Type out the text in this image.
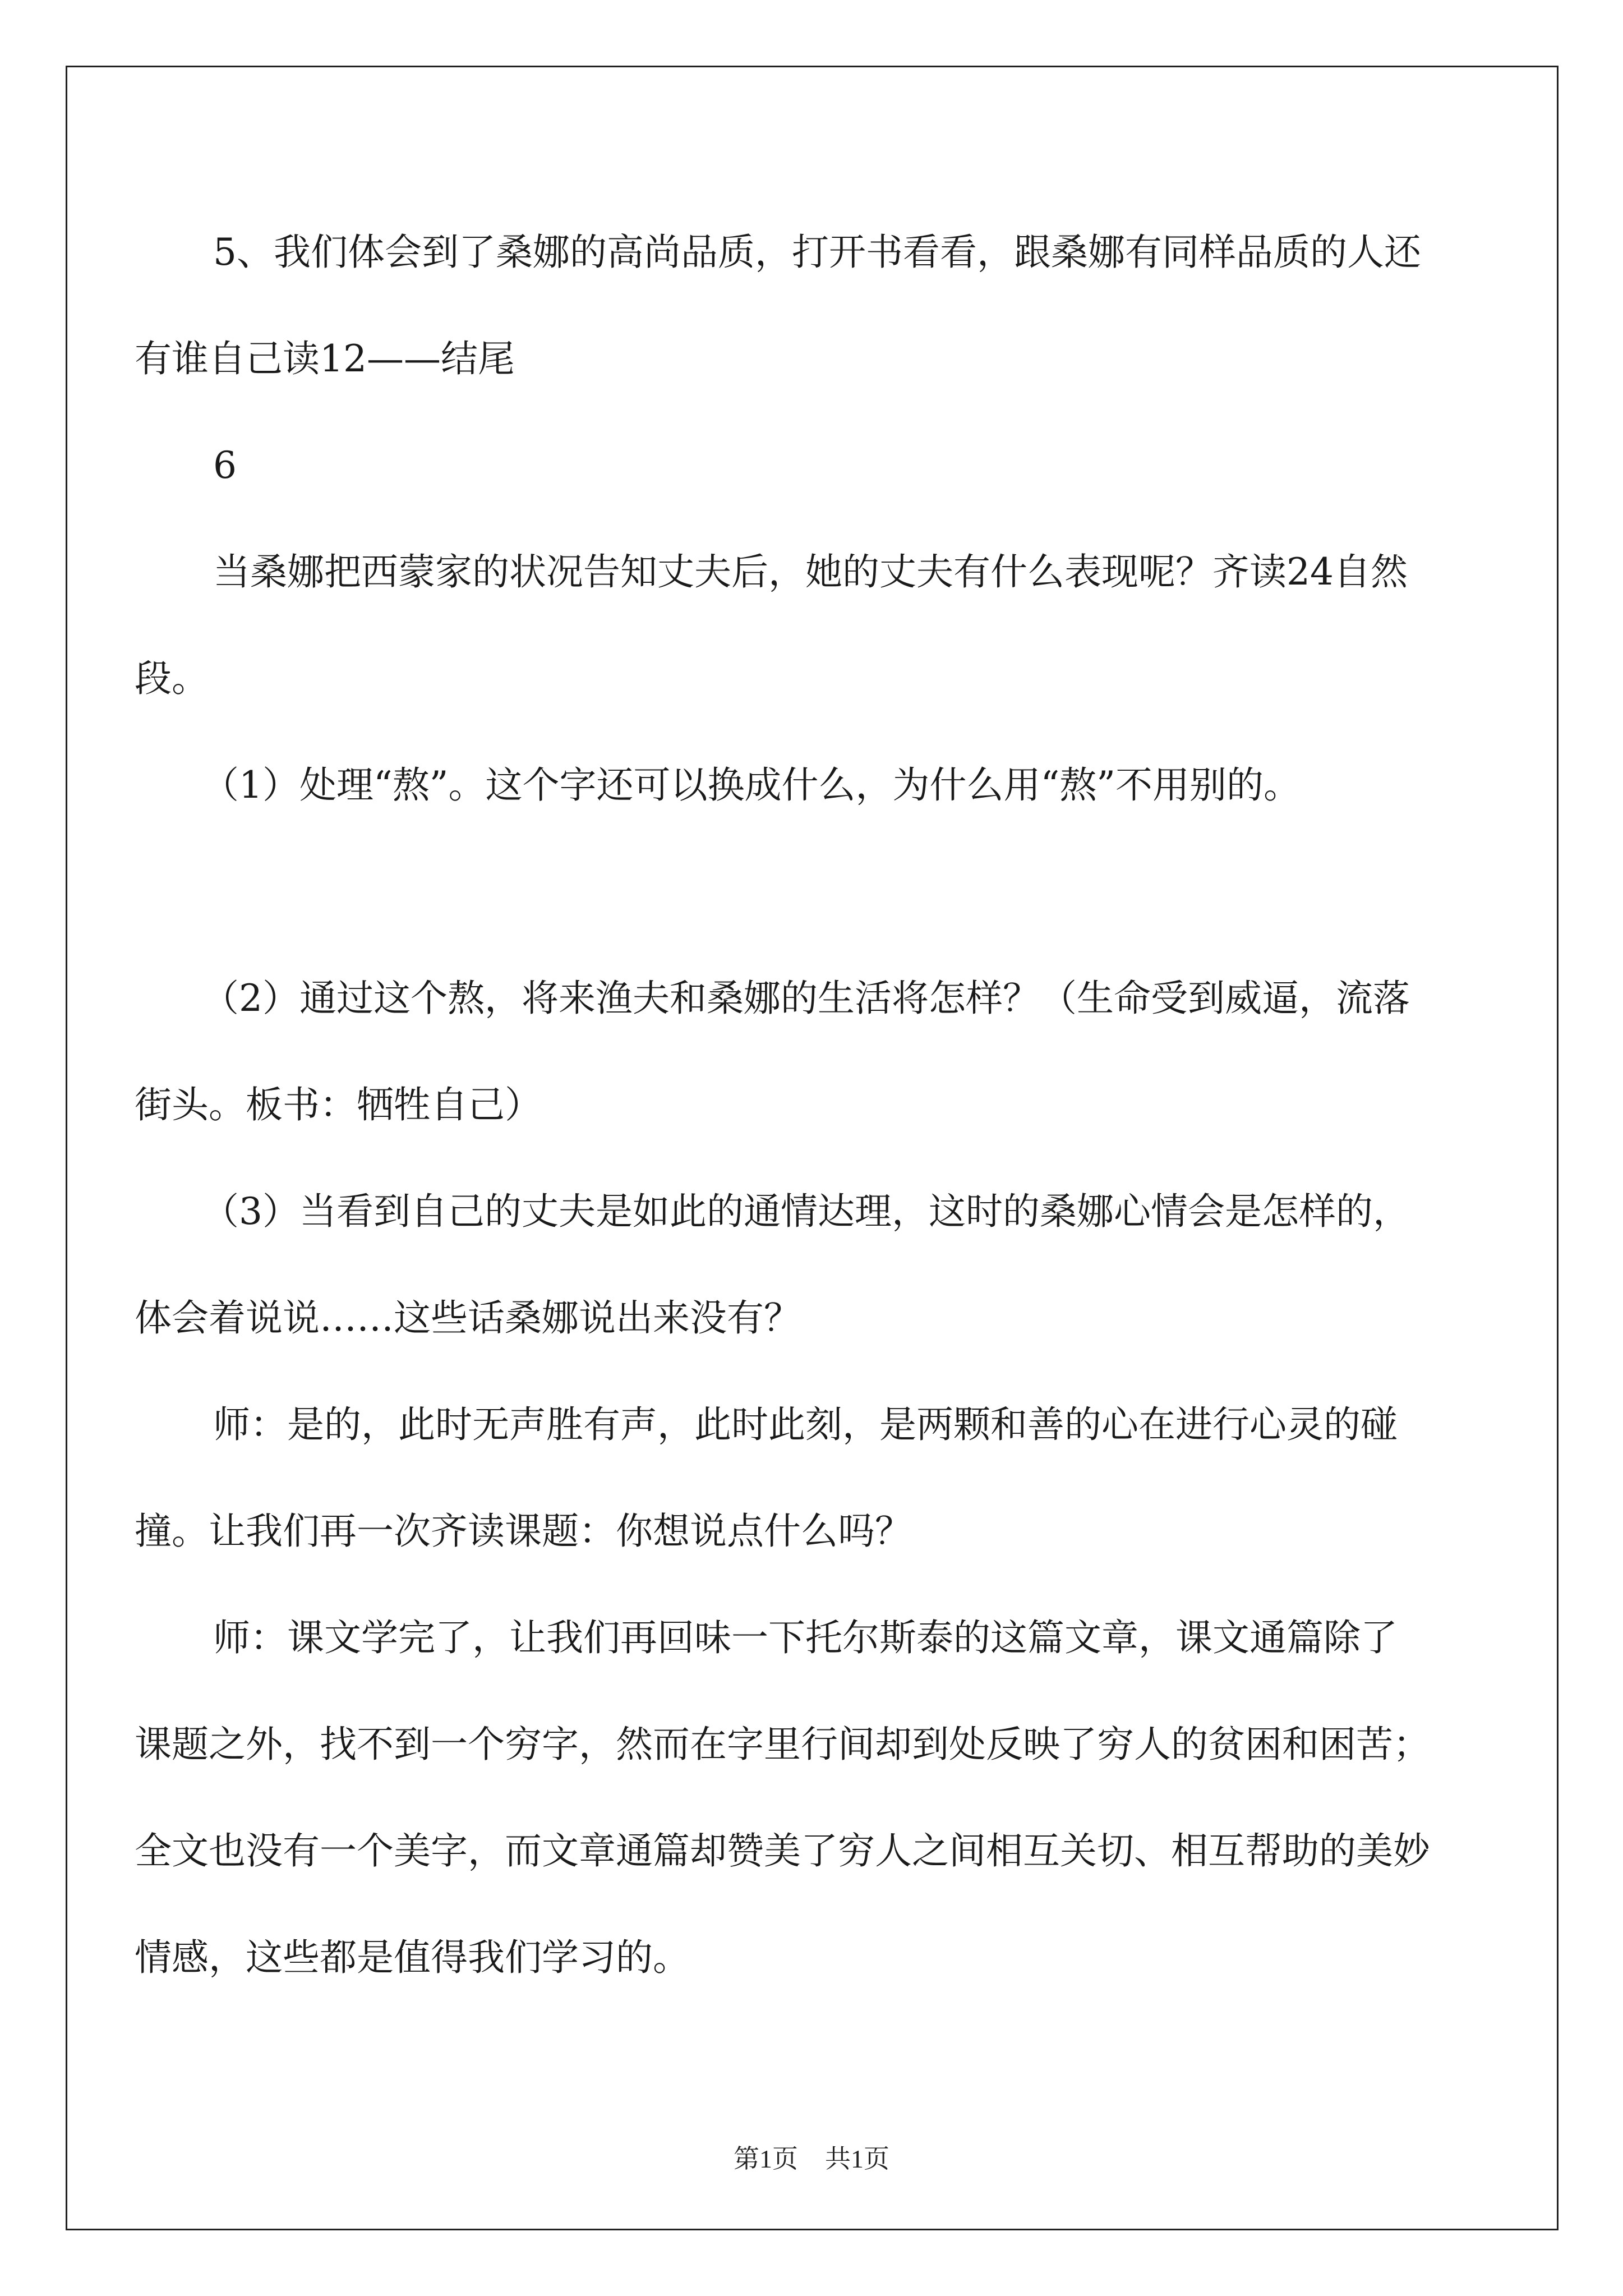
5、我们体会到了桑娜的高尚品质，打开书看看，跟桑娜有同样品质的人还有谁自己读12——结尾

6

当桑娜把西蒙家的状况告知丈夫后，她的丈夫有什么表现呢？齐读24自然段。

（1）处理“熬”。这个字还可以换成什么，为什么用“熬”不用别的。

（2）通过这个熬，将来渔夫和桑娜的生活将怎样？（生命受到威逼，流落街头。板书：牺牲自己）

（3）当看到自己的丈夫是如此的通情达理，这时的桑娜心情会是怎样的，体会着说说……这些话桑娜说出来没有？

师：是的，此时无声胜有声，此时此刻，是两颗和善的心在进行心灵的碰撞。让我们再一次齐读课题：你想说点什么吗？

师：课文学完了，让我们再回味一下托尔斯泰的这篇文章，课文通篇除了课题之外，找不到一个穷字，然而在字里行间却到处反映了穷人的贫困和困苦；全文也没有一个美字，而文章通篇却赞美了穷人之间相互关切、相互帮助的美妙情感，这些都是值得我们学习的。

第1页 共1页
